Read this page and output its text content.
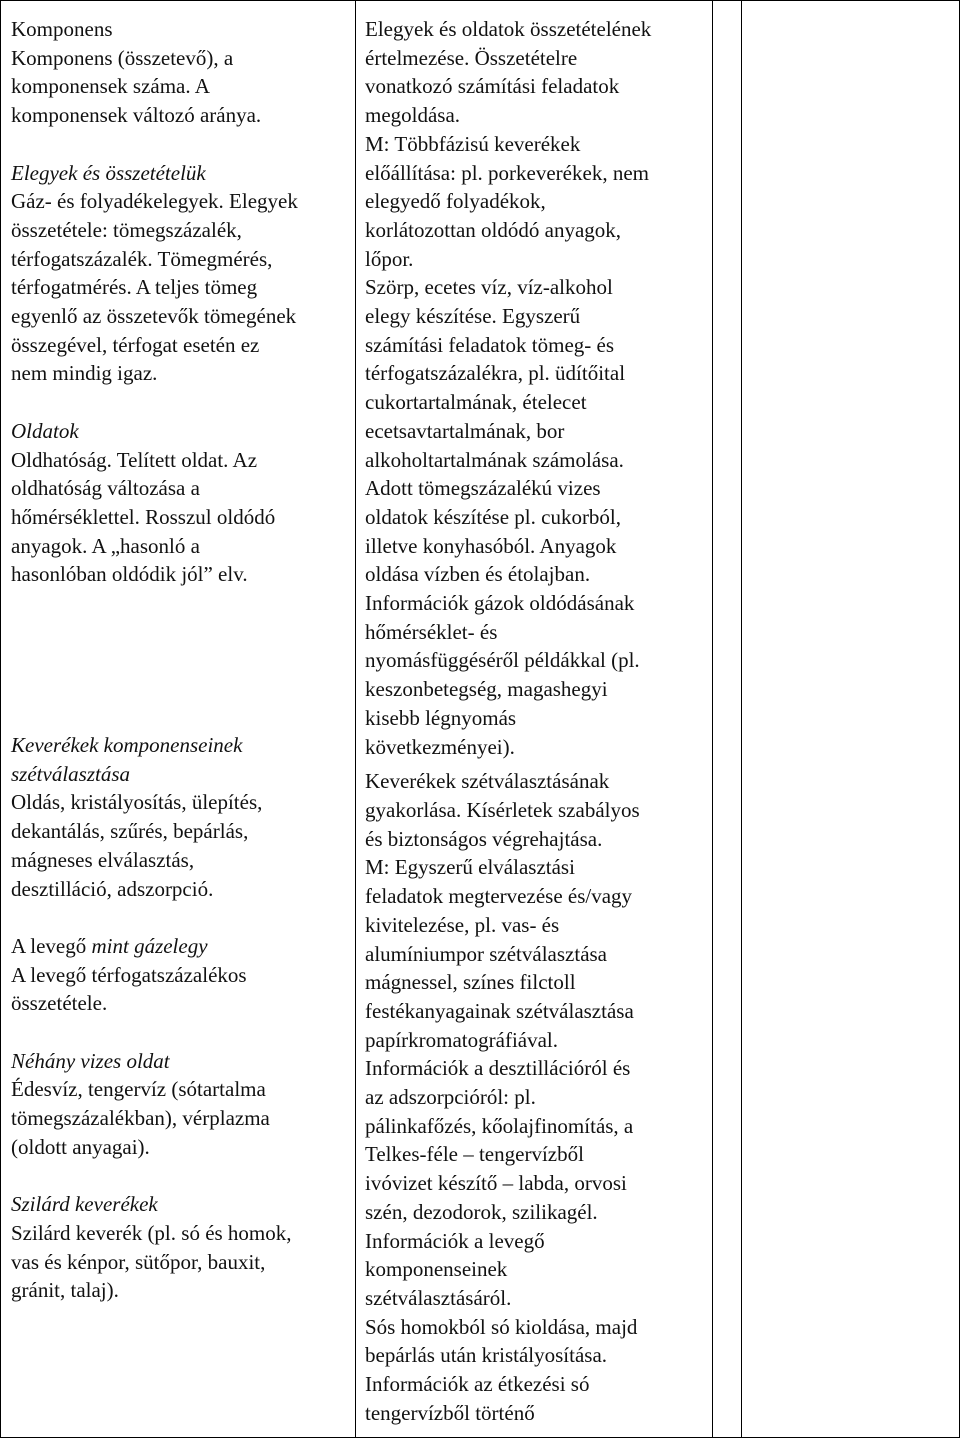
Komponens
Komponens (összetevő), a
komponensek száma. A
komponensek változó aránya.
Elegyek és összetételük
Gáz- és folyadékelegyek. Elegyek
összetétele: tömegszázalék,
térfogatszázalék. Tömegmérés,
térfogatmérés. A teljes tömeg
egyenlő az összetevők tömegének
összegével, térfogat esetén ez
nem mindig igaz.
Oldatok
Oldhatóság. Telített oldat. Az
oldhatóság változása a
hőmérséklettel. Rosszul oldódó
anyagok. A „hasonló a
hasonlóban oldódik jól” elv.
Keverékek komponenseinek
szétválasztása
Oldás, kristályosítás, ülepítés,
dekantálás, szűrés, bepárlás,
mágneses elválasztás,
desztilláció, adszorpció.
A levegő mint gázelegy
A levegő térfogatszázalékos
összetétele.
Néhány vizes oldat
Édesvíz, tengervíz (sótartalma
tömegszázalékban), vérplazma
(oldott anyagai).
Szilárd keverékek
Szilárd keverék (pl. só és homok,
vas és kénpor, sütőpor, bauxit,
gránit, talaj).
Elegyek és oldatok összetételének
értelmezése. Összetételre
vonatkozó számítási feladatok
megoldása.
M: Többfázisú keverékek
előállítása: pl. porkeverékek, nem
elegyedő folyadékok,
korlátozottan oldódó anyagok,
lőpor.
Szörp, ecetes víz, víz-alkohol
elegy készítése. Egyszerű
számítási feladatok tömeg- és
térfogatszázalékra, pl. üdítőital
cukortartalmának, ételecet
ecetsavtartalmának, bor
alkoholtartalmának számolása.
Adott tömegszázalékú vizes
oldatok készítése pl. cukorból,
illetve konyhasóból. Anyagok
oldása vízben és étolajban.
Információk gázok oldódásának
hőmérséklet- és
nyomásfüggéséről példákkal (pl.
keszonbetegség, magashegyi
kisebb légnyomás
következményei).
Keverékek szétválasztásának
gyakorlása. Kísérletek szabályos
és biztonságos végrehajtása.
M: Egyszerű elválasztási
feladatok megtervezése és/vagy
kivitelezése, pl. vas- és
alumíniumpor szétválasztása
mágnessel, színes filctoll
festékanyagainak szétválasztása
papírkromatográfiával.
Információk a desztillációról és
az adszorpcióról: pl.
pálinkafőzés, kőolajfinomítás, a
Telkes-féle – tengervízből
ivóvizet készítő – labda, orvosi
szén, dezodorok, szilikagél.
Információk a levegő
komponenseinek
szétválasztásáról.
Sós homokból só kioldása, majd
bepárlás után kristályosítása.
Információk az étkezési só
tengervízből történő
